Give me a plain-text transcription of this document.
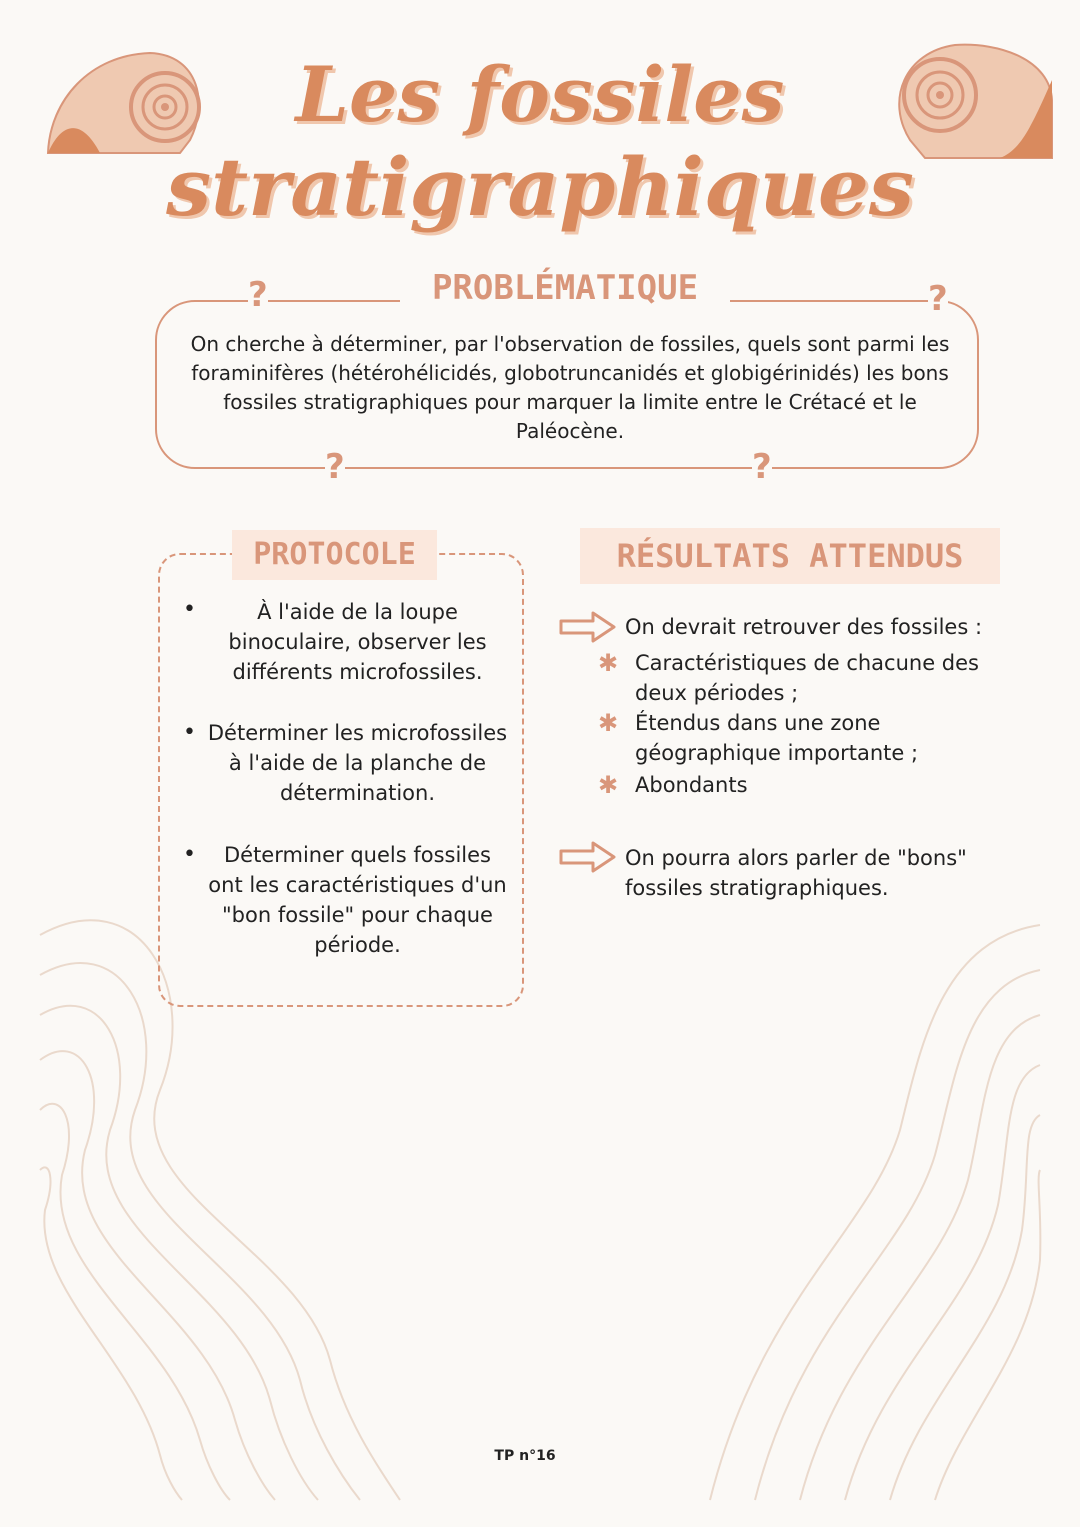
Les fossiles
stratigraphiques
PROBLÉMATIQUE
?	?
?	?

On cherche à déterminer, par l'observation de fossiles, quels sont parmi les foraminifères (hétérohélicidés, globotruncanidés et globigérinidés) les bons fossiles stratigraphiques pour marquer la limite entre le Crétacé et le Paléocène.

PROTOCOLE
•	À l'aide de la loupe binoculaire, observer les différents microfossiles.
• Déterminer les microfossiles à l'aide de la planche de détermination.
•	Déterminer quels fossiles ont les caractéristiques d'un "bon fossile" pour chaque période.
RÉSULTATS ATTENDUS
On devrait retrouver des fossiles :
✱ Caractéristiques de chacune des deux périodes ;
✱ Étendus dans une zone géographique importante ;
✱ Abondants
On pourra alors parler de "bons" fossiles stratigraphiques.
TP n°16
